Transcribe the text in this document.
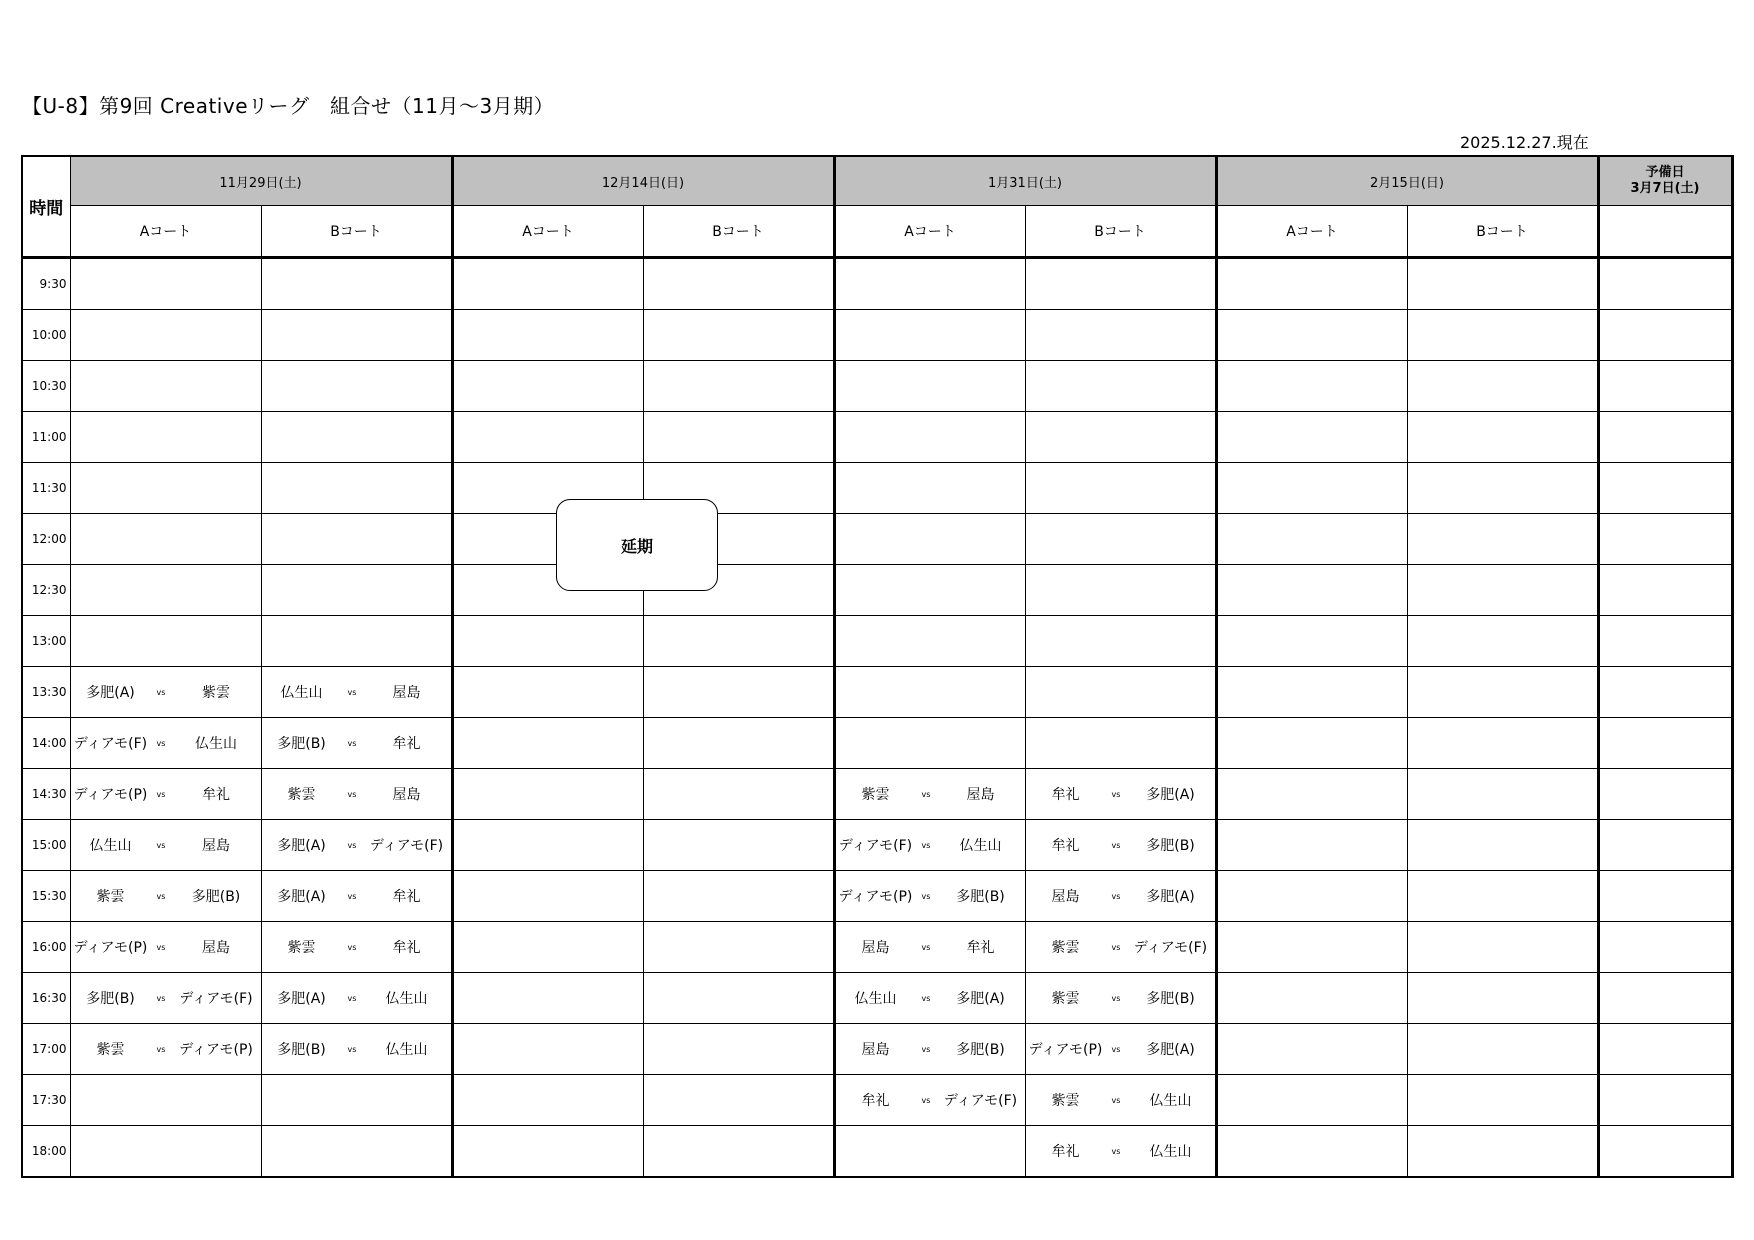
【U-8】第9回 Creativeリーグ　組合せ（11月～3月期）
2025.12.27.現在
時間	11月29日(土)		12月14日(日)		1月31日(土)		2月15日(日)		予備日
3月7日(土)
	Aコート	Bコート	Aコート	Bコート	Aコート	Bコート	Aコート	Bコート	
9:30									
10:00									
10:30									
11:00									
11:30									
12:00									
12:30									
13:00									
13:30	多肥(A) vs 紫雲	仏生山 vs 屋島							

14:00	ディアモ(F) vs 仏生山	多肥(B) vs 牟礼							

14:30	ディアモ(P) vs 牟礼	紫雲 vs 屋島			紫雲 vs 屋島	牟礼 vs 多肥(A)			

15:00	仏生山 vs 屋島	多肥(A) vs ディアモ(F)			ディアモ(F) vs 仏生山	牟礼 vs 多肥(B)			

15:30	紫雲 vs 多肥(B)	多肥(A) vs 牟礼			ディアモ(P) vs 多肥(B)	屋島 vs 多肥(A)			

16:00	ディアモ(P) vs 屋島	紫雲 vs 牟礼			屋島 vs 牟礼	紫雲 vs ディアモ(F)			

16:30	多肥(B) vs ディアモ(F)	多肥(A) vs 仏生山			仏生山 vs 多肥(A)	紫雲 vs 多肥(B)			

17:00	紫雲 vs ディアモ(P)	多肥(B) vs 仏生山			屋島 vs 多肥(B)	ディアモ(P) vs 多肥(A)			

17:30					牟礼 vs ディアモ(F)	紫雲 vs 仏生山			

18:00						牟礼 vs 仏生山			

延期
